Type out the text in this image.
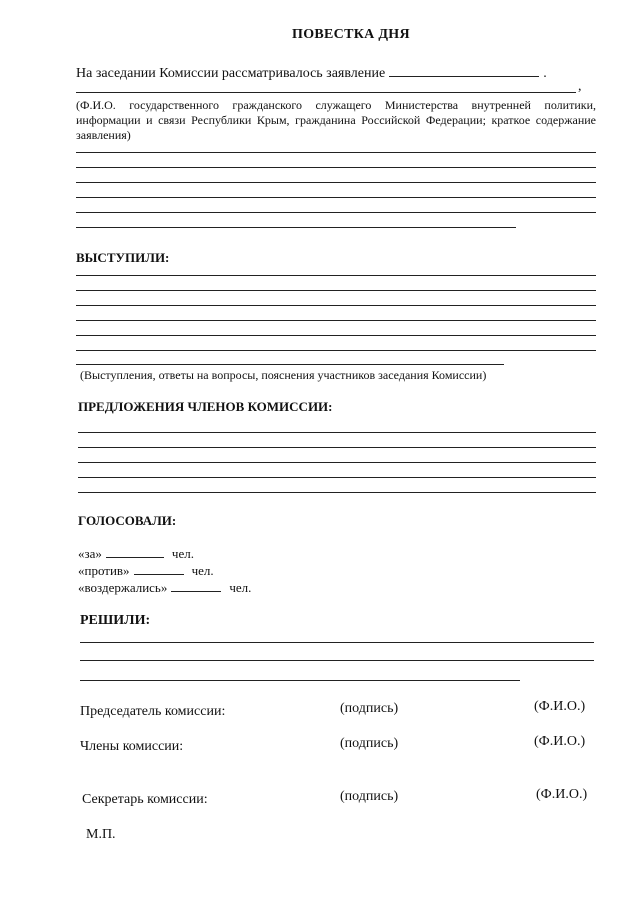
ПОВЕСТКА ДНЯ
На заседании Комиссии рассматривалось заявление	.
,
(Ф.И.О. государственного гражданского служащего Министерства внутренней политики, информации и связи Республики Крым, гражданина Российской Федерации; краткое содержание заявления)
ВЫСТУПИЛИ:
(Выступления, ответы на вопросы, пояснения участников заседания Комиссии)
ПРЕДЛОЖЕНИЯ ЧЛЕНОВ КОМИССИИ:
ГОЛОСОВАЛИ:
«за»	чел.
«против»	чел.
«воздержались»	чел.
РЕШИЛИ:
Председатель комиссии:	(подпись)	(Ф.И.О.)
Члены комиссии:	(подпись)	(Ф.И.О.)
Секретарь комиссии:	(подпись)	(Ф.И.О.)
М.П.
